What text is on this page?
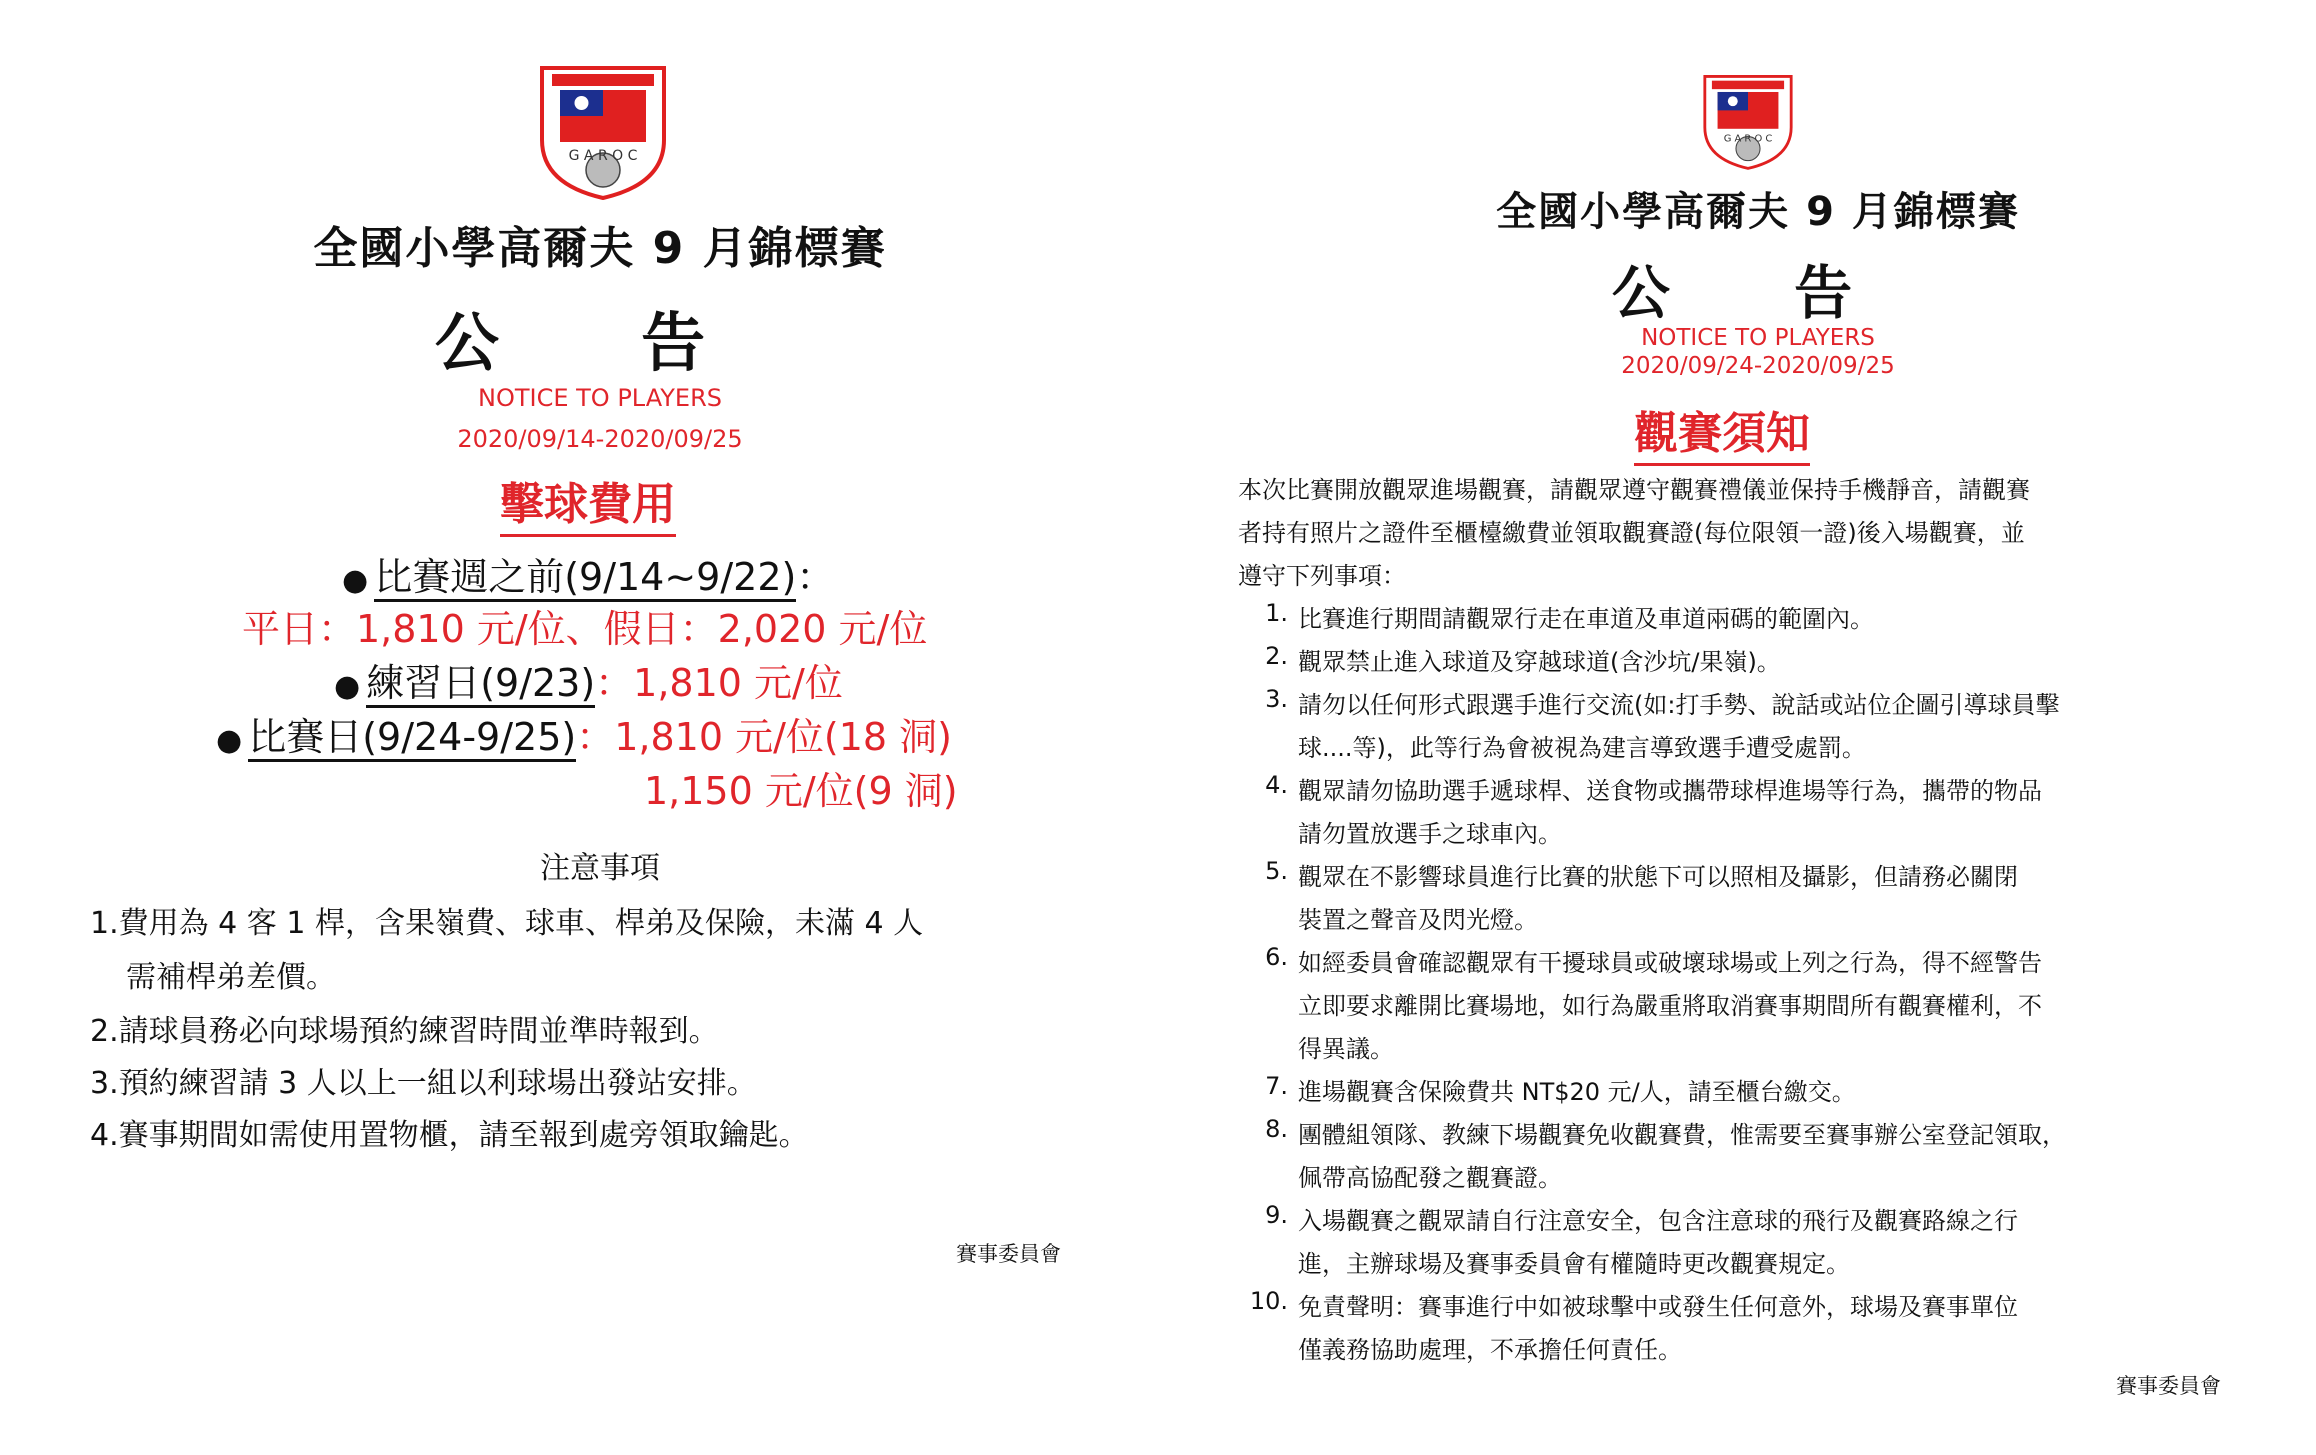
G A R O C
全國小學高爾夫 9 月錦標賽
公 告
NOTICE TO PLAYERS
2020/09/14-2020/09/25
擊球費用
● 比賽週之前(9/14~9/22)：
平日：1,810 元/位、假日：2,020 元/位
● 練習日(9/23)：1,810 元/位
● 比賽日(9/24-9/25)：1,810 元/位(18 洞)
1,150 元/位(9 洞)
注意事項
1.費用為 4 客 1 桿，含果嶺費、球車、桿弟及保險，未滿 4 人
需補桿弟差價。
2.請球員務必向球場預約練習時間並準時報到。
3.預約練習請 3 人以上一組以利球場出發站安排。
4.賽事期間如需使用置物櫃，請至報到處旁領取鑰匙。
賽事委員會
G A R O C
全國小學高爾夫 9 月錦標賽
公 告
NOTICE TO PLAYERS
2020/09/24-2020/09/25
觀賽須知
本次比賽開放觀眾進場觀賽，請觀眾遵守觀賽禮儀並保持手機靜音，請觀賽
者持有照片之證件至櫃檯繳費並領取觀賽證(每位限領一證)後入場觀賽，並
遵守下列事項：
1. 比賽進行期間請觀眾行走在車道及車道兩碼的範圍內。
2. 觀眾禁止進入球道及穿越球道(含沙坑/果嶺)。
3. 請勿以任何形式跟選手進行交流(如:打手勢、說話或站位企圖引導球員擊
球....等)，此等行為會被視為建言導致選手遭受處罰。
4. 觀眾請勿協助選手遞球桿、送食物或攜帶球桿進場等行為，攜帶的物品
請勿置放選手之球車內。
5. 觀眾在不影響球員進行比賽的狀態下可以照相及攝影，但請務必關閉
裝置之聲音及閃光燈。
6. 如經委員會確認觀眾有干擾球員或破壞球場或上列之行為，得不經警告
立即要求離開比賽場地，如行為嚴重將取消賽事期間所有觀賽權利，不
得異議。
7. 進場觀賽含保險費共 NT$20 元/人，請至櫃台繳交。
8. 團體組領隊、教練下場觀賽免收觀賽費，惟需要至賽事辦公室登記領取，
佩帶高協配發之觀賽證。
9. 入場觀賽之觀眾請自行注意安全，包含注意球的飛行及觀賽路線之行
進，主辦球場及賽事委員會有權隨時更改觀賽規定。
10. 免責聲明：賽事進行中如被球擊中或發生任何意外，球場及賽事單位
僅義務協助處理，不承擔任何責任。
賽事委員會
